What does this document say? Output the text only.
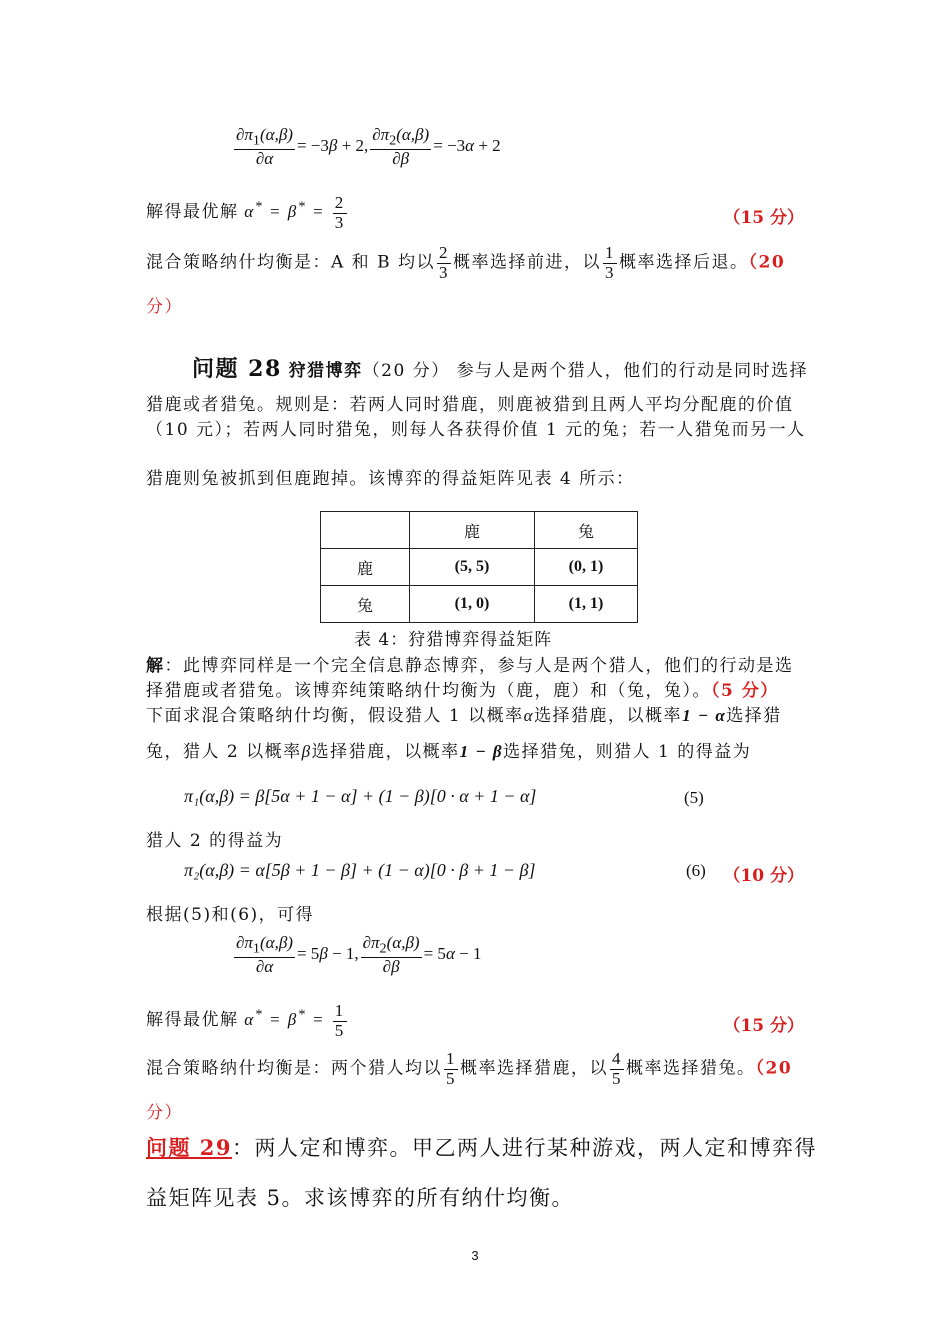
$\frac{\partial\pi_1(\alpha,\beta)}{\partial\alpha} = -3\beta + 2$, $\frac{\partial\pi_2(\alpha,\beta)}{\partial\beta} = -3\alpha + 2$
解得最优解 $\alpha^* = \beta^* = \frac{2}{3}$	（15 分）
混合策略纳什均衡是：A 和 B 均以 $\frac{2}{3}$ 概率选择前进，以 $\frac{1}{3}$ 概率选择后退。（20
分）
问题 28 狩猎博弈（20 分） 参与人是两个猎人，他们的行动是同时选择
猎鹿或者猎兔。规则是：若两人同时猎鹿，则鹿被猎到且两人平均分配鹿的价值
（10 元）；若两人同时猎兔，则每人各获得价值 1 元的兔；若一人猎兔而另一人
猎鹿则兔被抓到但鹿跑掉。该博弈的得益矩阵见表 4 所示：
	鹿	兔
鹿	(5, 5)	(0, 1)
兔	(1, 0)	(1, 1)
表 4：狩猎博弈得益矩阵
解：此博弈同样是一个完全信息静态博弈，参与人是两个猎人，他们的行动是选
择猎鹿或者猎兔。该博弈纯策略纳什均衡为（鹿，鹿）和（兔，兔）。（5 分）
下面求混合策略纳什均衡，假设猎人 1 以概率α选择猎鹿，以概率1 − α选择猎
兔，猎人 2 以概率β选择猎鹿，以概率1 − β选择猎兔，则猎人 1 的得益为
π₁(α,β) = β[5α + 1 − α] + (1 − β)[0 · α + 1 − α]	(5)
猎人 2 的得益为
π₂(α,β) = α[5β + 1 − β] + (1 − α)[0 · β + 1 − β]	(6) （10 分）
根据(5)和(6)，可得
$\frac{\partial\pi_1(\alpha,\beta)}{\partial\alpha} = 5\beta - 1$, $\frac{\partial\pi_2(\alpha,\beta)}{\partial\beta} = 5\alpha - 1$
解得最优解 $\alpha^* = \beta^* = \frac{1}{5}$	（15 分）
混合策略纳什均衡是：两个猎人均以 $\frac{1}{5}$ 概率选择猎鹿，以 $\frac{4}{5}$ 概率选择猎兔。（20
分）
问题 29：两人定和博弈。甲乙两人进行某种游戏，两人定和博弈得
益矩阵见表 5。求该博弈的所有纳什均衡。
3
